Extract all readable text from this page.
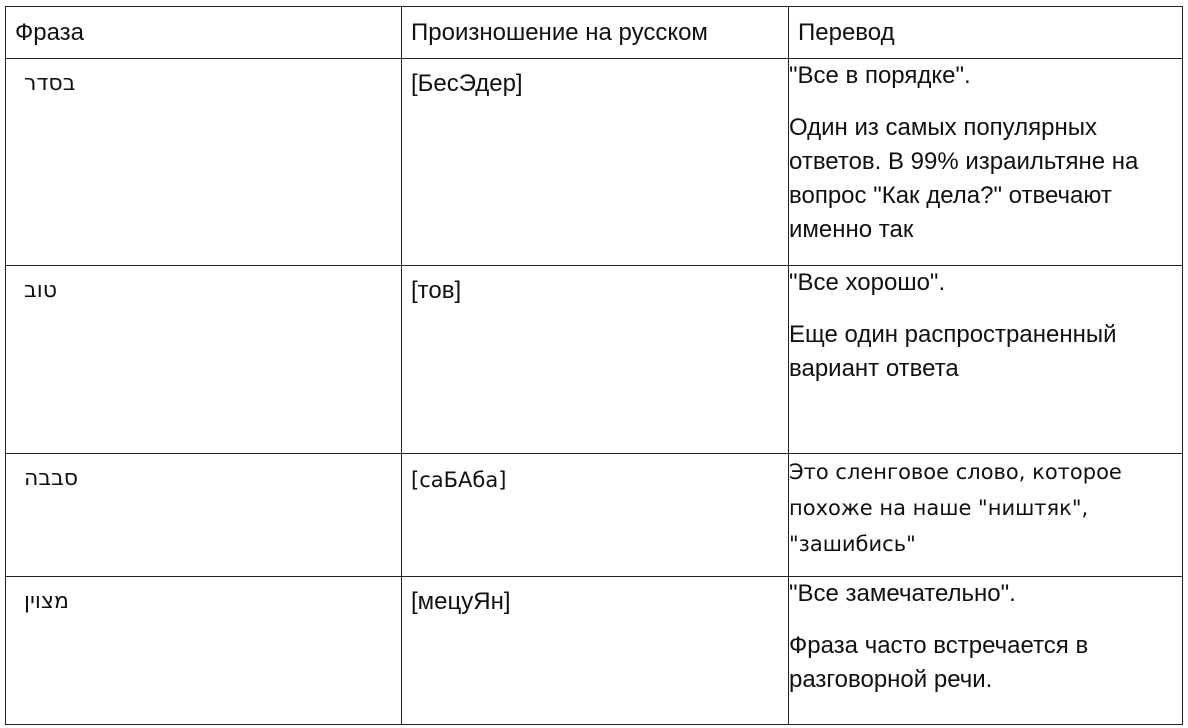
Фраза	Произношение на русском	Перевод

בסדר	[БесЭдер]	"Все в порядке".

Один из самых популярных ответов. В 99% израильтяне на вопрос "Как дела?" отвечают именно так

טוב	[тов]	"Все хорошо".

Еще один распространенный вариант ответа

סבבה	[саБАба]	Это сленговое слово, которое похоже на наше "ништяк", "зашибись"

מצוין	[мецуЯн]	"Все замечательно".

Фраза часто встречается в разговорной речи.
